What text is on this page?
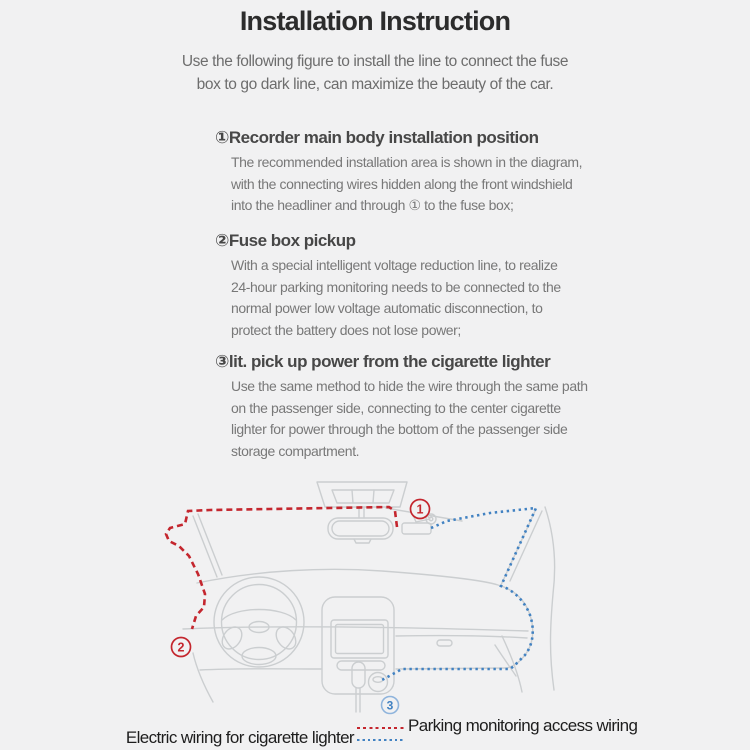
Installation Instruction
Use the following figure to install the line to connect the fuse
box to go dark line, can maximize the beauty of the car.
①Recorder main body installation position
The recommended installation area is shown in the diagram,
with the connecting wires hidden along the front windshield
into the headliner and through ① to the fuse box;
②Fuse box pickup
With a special intelligent voltage reduction line, to realize
24-hour parking monitoring needs to be connected to the
normal power low voltage automatic disconnection, to
protect the battery does not lose power;
③lit. pick up power from the cigarette lighter
Use the same method to hide the wire through the same path
on the passenger side, connecting to the center cigarette
lighter for power through the bottom of the passenger side
storage compartment.
1
2
3
Parking monitoring access wiring
Electric wiring for cigarette lighter
